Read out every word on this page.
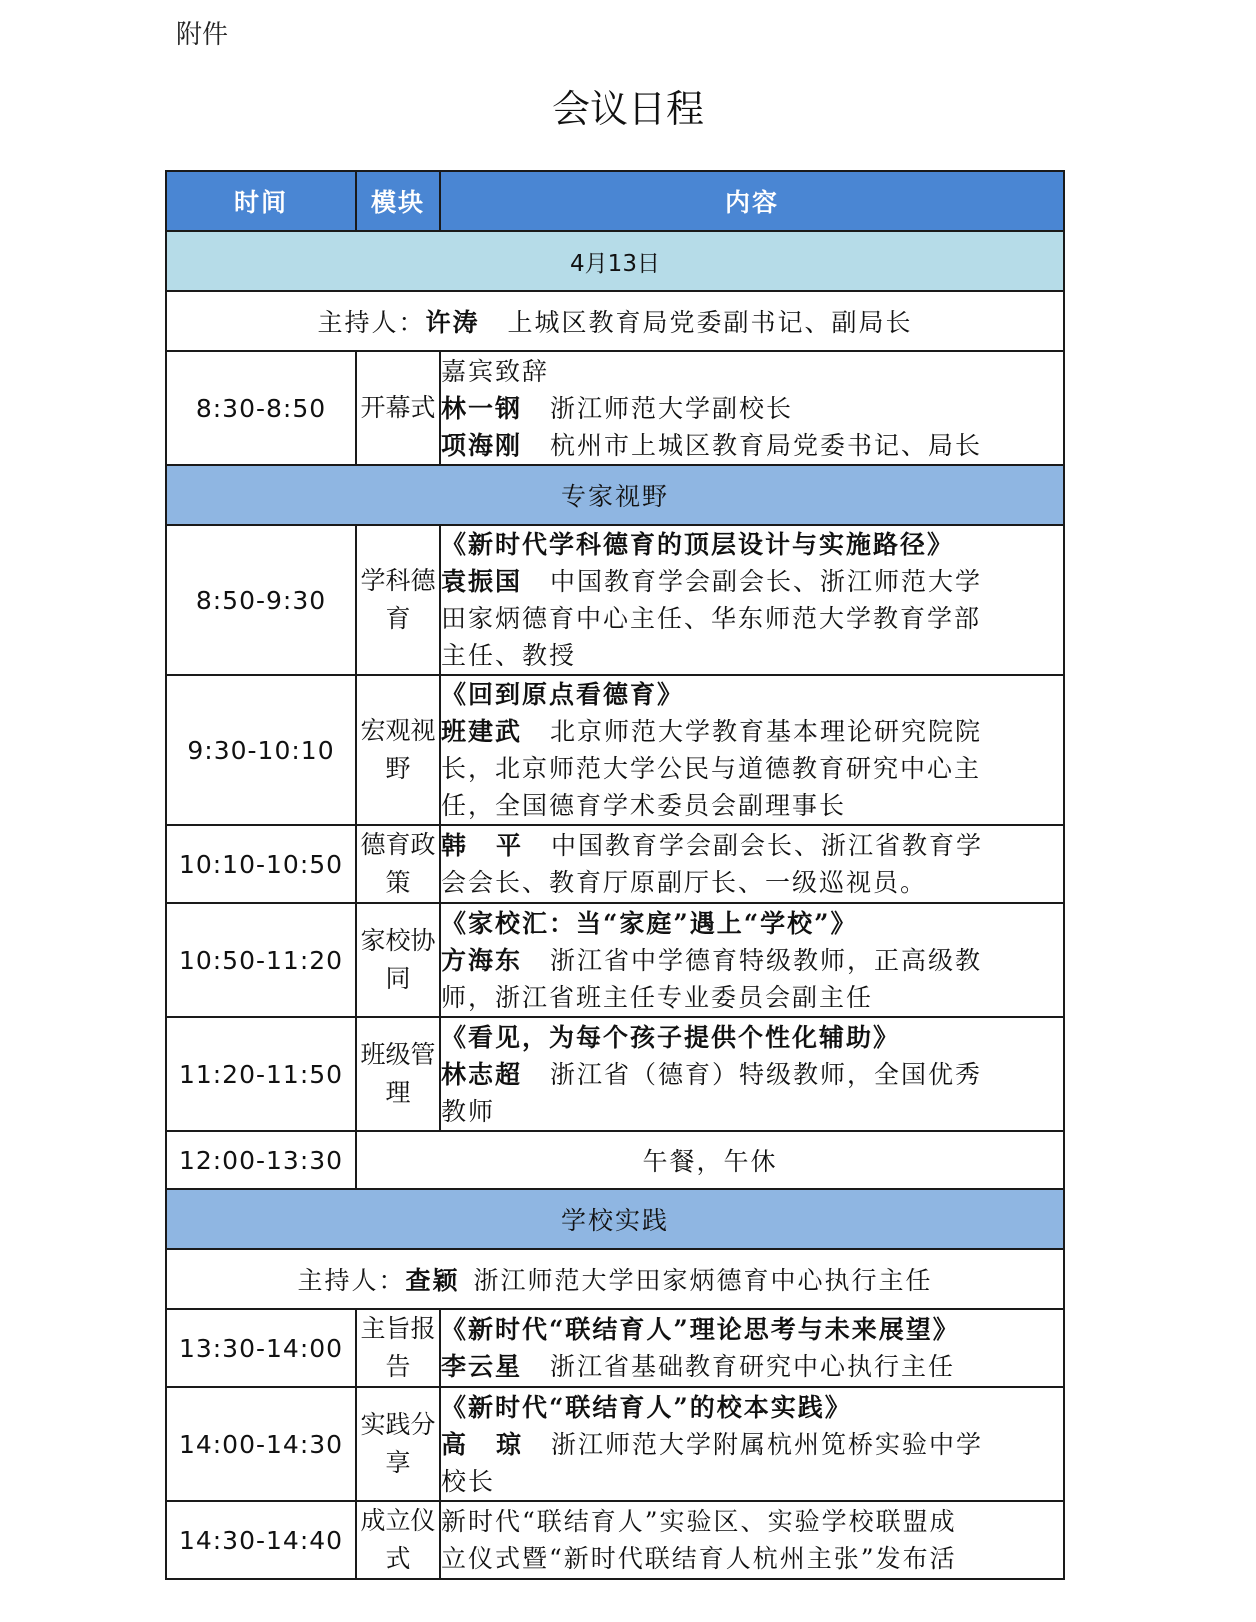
附件
会议日程
时间	模块	内容
4月13日		
主持人：许涛 上城区教育局党委副书记、副局长		
8:30-8:50	开幕式	嘉宾致辞
林一钢 浙江师范大学副校长
项海刚 杭州市上城区教育局党委书记、局长

专家视野		
8:50-9:30	学科德育	《新时代学科德育的顶层设计与实施路径》
袁振国 中国教育学会副会长、浙江师范大学
田家炳德育中心主任、华东师范大学教育学部
主任、教授

9:30-10:10	宏观视野	《回到原点看德育》
班建武 北京师范大学教育基本理论研究院院
长，北京师范大学公民与道德教育研究中心主
任，全国德育学术委员会副理事长

10:10-10:50	德育政策	韩 平 中国教育学会副会长、浙江省教育学
会会长、教育厅原副厅长、一级巡视员。

10:50-11:20	家校协同	《家校汇：当“家庭”遇上“学校”》
方海东 浙江省中学德育特级教师，正高级教
师，浙江省班主任专业委员会副主任

11:20-11:50	班级管理	《看见，为每个孩子提供个性化辅助》
林志超 浙江省（德育）特级教师，全国优秀
教师

12:00-13:30	午餐，午休	
学校实践		
主持人：查颖 浙江师范大学田家炳德育中心执行主任		
13:30-14:00	主旨报告	《新时代“联结育人”理论思考与未来展望》
李云星 浙江省基础教育研究中心执行主任

14:00-14:30	实践分享	《新时代“联结育人”的校本实践》
高 琼 浙江师范大学附属杭州笕桥实验中学
校长

14:30-14:40	成立仪式	新时代“联结育人”实验区、实验学校联盟成
立仪式暨“新时代联结育人杭州主张”发布活
